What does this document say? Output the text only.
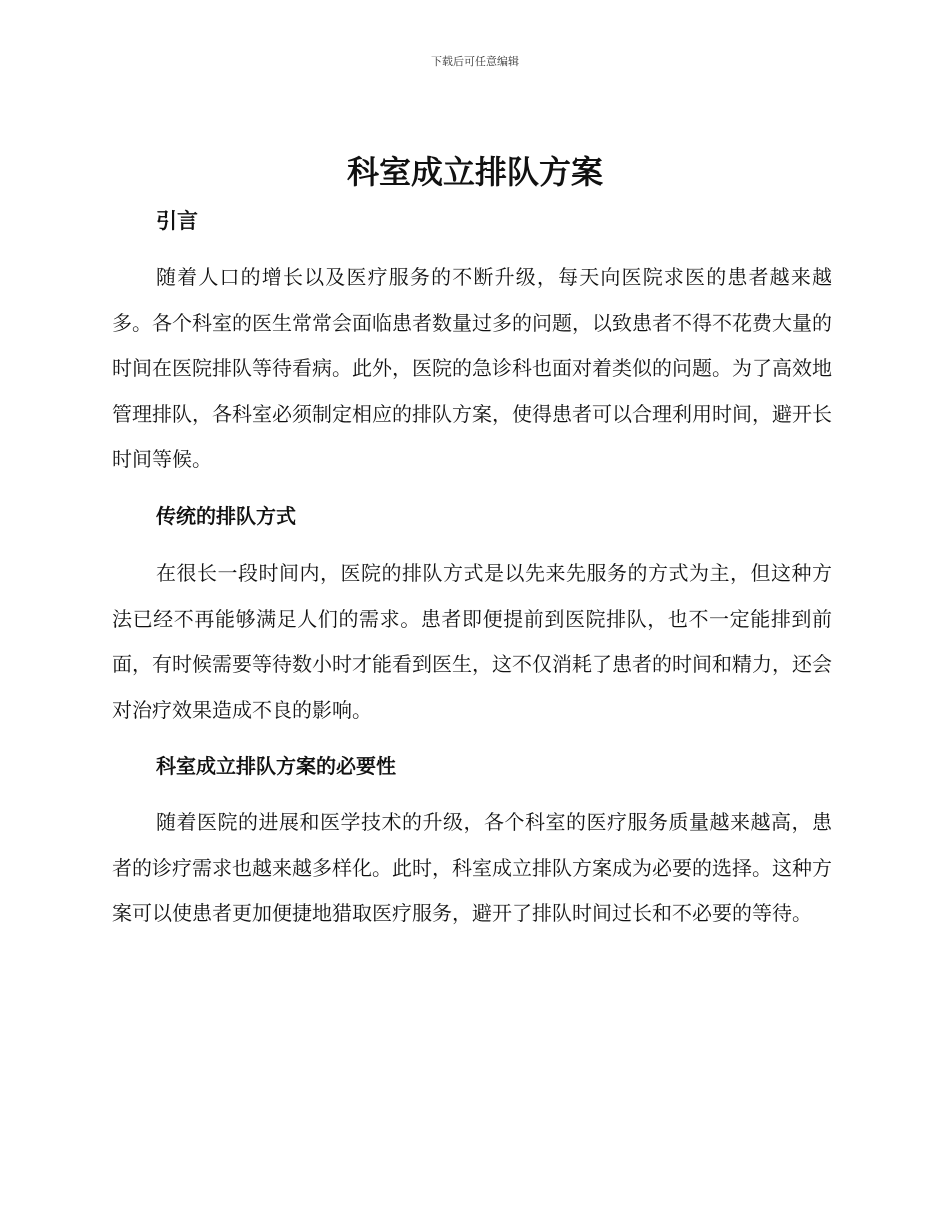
下载后可任意编辑
科室成立排队方案
引言

随着人口的增长以及医疗服务的不断升级，每天向医院求医的患者越来越多。各个科室的医生常常会面临患者数量过多的问题，以致患者不得不花费大量的时间在医院排队等待看病。此外，医院的急诊科也面对着类似的问题。为了高效地管理排队，各科室必须制定相应的排队方案，使得患者可以合理利用时间，避开长时间等候。

传统的排队方式

在很长一段时间内，医院的排队方式是以先来先服务的方式为主，但这种方法已经不再能够满足人们的需求。患者即便提前到医院排队，也不一定能排到前面，有时候需要等待数小时才能看到医生，这不仅消耗了患者的时间和精力，还会对治疗效果造成不良的影响。

科室成立排队方案的必要性

随着医院的进展和医学技术的升级，各个科室的医疗服务质量越来越高，患者的诊疗需求也越来越多样化。此时，科室成立排队方案成为必要的选择。这种方案可以使患者更加便捷地猎取医疗服务，避开了排队时间过长和不必要的等待。
